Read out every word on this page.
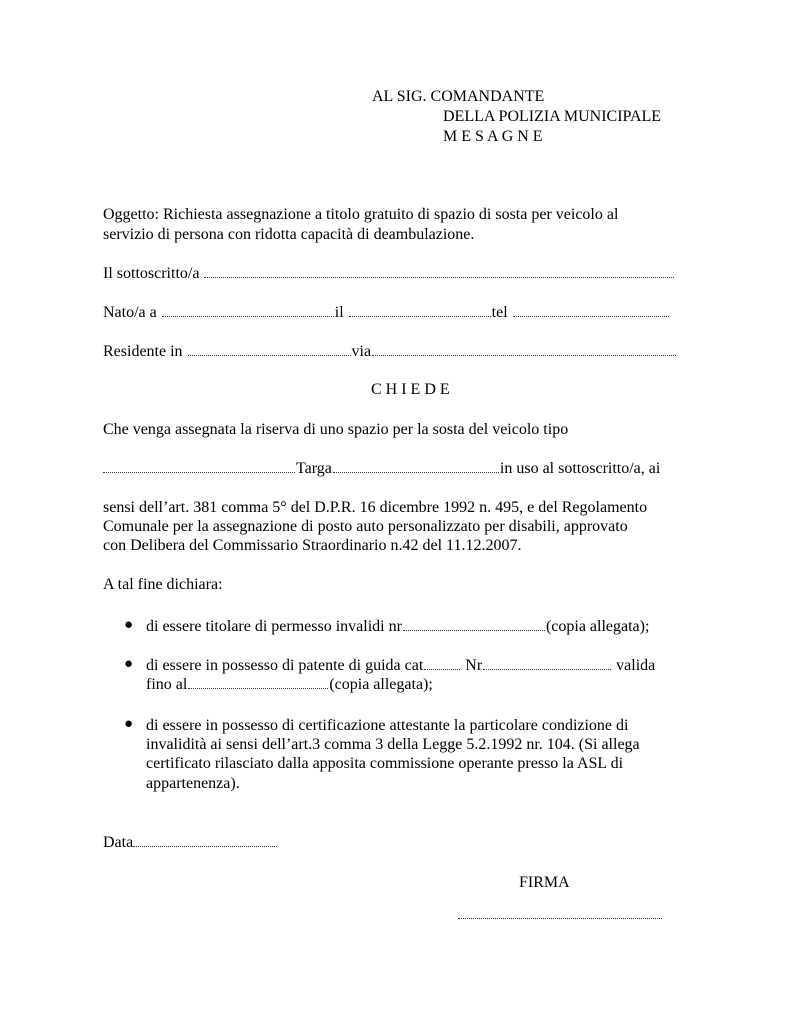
AL SIG. COMANDANTE
DELLA POLIZIA MUNICIPALE
M E S A G N E
Oggetto: Richiesta assegnazione a titolo gratuito di spazio di sosta per veicolo al
servizio di persona con ridotta capacità di deambulazione.
Il sottoscritto/a
Nato/a a	il	tel
Residente in	via
C H I E D E
Che venga assegnata la riserva di uno spazio per la sosta del veicolo tipo
Targa	in uso al sottoscritto/a, ai
sensi dell’art. 381 comma 5° del D.P.R. 16 dicembre 1992 n. 495, e del Regolamento
Comunale per la assegnazione di posto auto personalizzato per disabili, approvato
con Delibera del Commissario Straordinario n.42 del 11.12.2007.
A tal fine dichiara:
● di essere titolare di permesso invalidi nr	(copia allegata);
● di essere in possesso di patente di guida cat Nr	valida
fino al	(copia allegata);
● di essere in possesso di certificazione attestante la particolare condizione di
invalidità ai sensi dell’art.3 comma 3 della Legge 5.2.1992 nr. 104. (Si allega
certificato rilasciato dalla apposita commissione operante presso la ASL di
appartenenza).
Data
FIRMA
